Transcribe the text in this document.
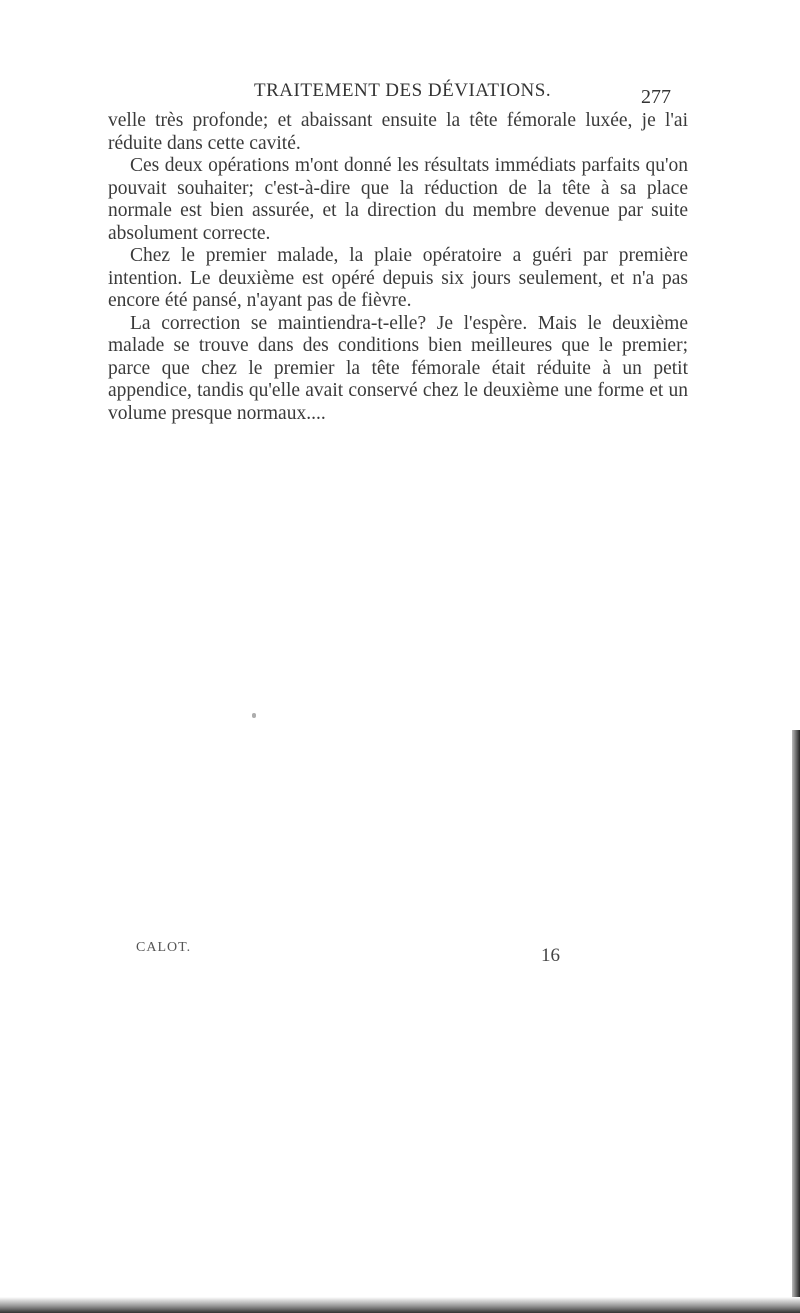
TRAITEMENT DES DÉVIATIONS.	277

velle très profonde; et abaissant ensuite la tête fémorale luxée, je l'ai réduite dans cette cavité.

Ces deux opérations m'ont donné les résultats immédiats parfaits qu'on pouvait souhaiter; c'est-à-dire que la réduction de la tête à sa place normale est bien assurée, et la direction du membre devenue par suite absolument correcte.

Chez le premier malade, la plaie opératoire a guéri par première intention. Le deuxième est opéré depuis six jours seulement, et n'a pas encore été pansé, n'ayant pas de fièvre.

La correction se maintiendra-t-elle? Je l'espère. Mais le deuxième malade se trouve dans des conditions bien meilleures que le premier; parce que chez le premier la tête fémorale était réduite à un petit appendice, tandis qu'elle avait conservé chez le deuxième une forme et un volume presque normaux....

CALOT.	16
